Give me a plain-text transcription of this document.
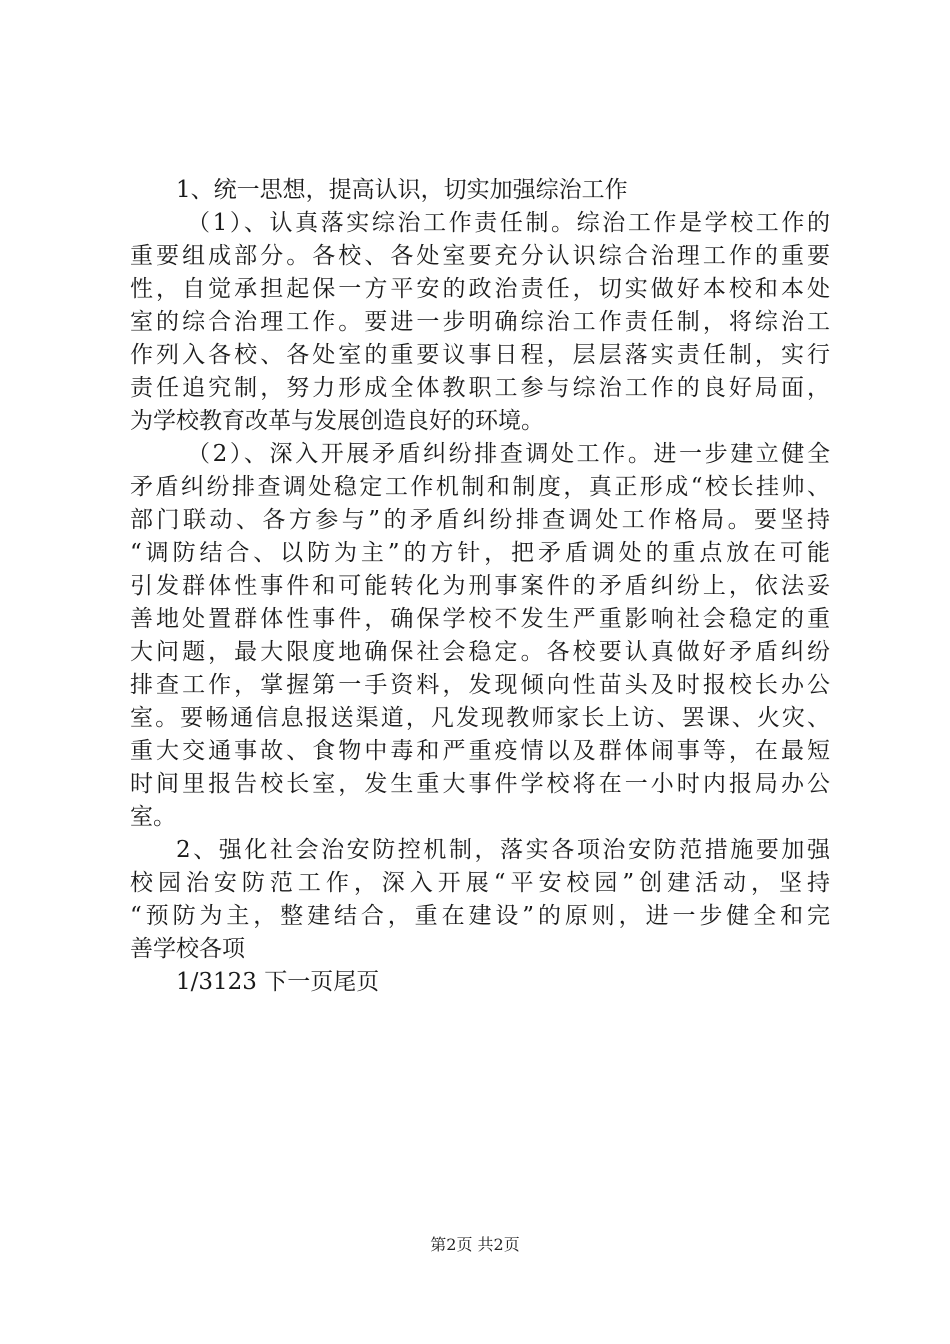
1、统一思想，提高认识，切实加强综治工作
（1）、认真落实综治工作责任制。综治工作是学校工作的
重要组成部分。各校、各处室要充分认识综合治理工作的重要
性，自觉承担起保一方平安的政治责任，切实做好本校和本处
室的综合治理工作。要进一步明确综治工作责任制，将综治工
作列入各校、各处室的重要议事日程，层层落实责任制，实行
责任追究制，努力形成全体教职工参与综治工作的良好局面，
为学校教育改革与发展创造良好的环境。
（2）、深入开展矛盾纠纷排查调处工作。进一步建立健全
矛盾纠纷排查调处稳定工作机制和制度，真正形成“校长挂帅、
部门联动、各方参与”的矛盾纠纷排查调处工作格局。要坚持
“调防结合、以防为主”的方针，把矛盾调处的重点放在可能
引发群体性事件和可能转化为刑事案件的矛盾纠纷上，依法妥
善地处置群体性事件，确保学校不发生严重影响社会稳定的重
大问题，最大限度地确保社会稳定。各校要认真做好矛盾纠纷
排查工作，掌握第一手资料，发现倾向性苗头及时报校长办公
室。要畅通信息报送渠道，凡发现教师家长上访、罢课、火灾、
重大交通事故、食物中毒和严重疫情以及群体闹事等，在最短
时间里报告校长室，发生重大事件学校将在一小时内报局办公
室。
2、强化社会治安防控机制，落实各项治安防范措施要加强
校园治安防范工作，深入开展“平安校园”创建活动，坚持
“预防为主，整建结合，重在建设”的原则，进一步健全和完
善学校各项
1/3123 下一页尾页
第2页 共2页
